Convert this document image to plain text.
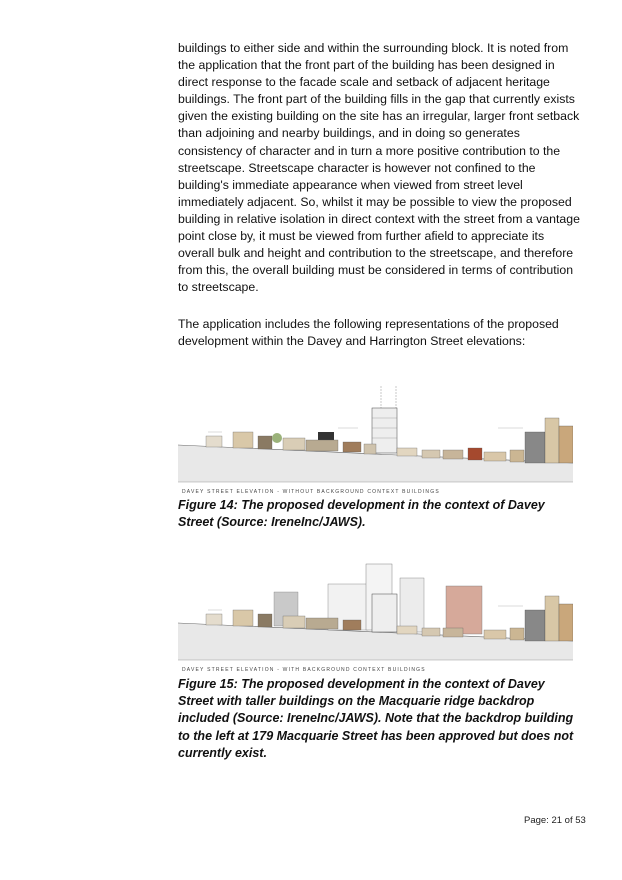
buildings to either side and within the surrounding block. It is noted from the application that the front part of the building has been designed in direct response to the facade scale and setback of adjacent heritage buildings. The front part of the building fills in the gap that currently exists given the existing building on the site has an irregular, larger front setback than adjoining and nearby buildings, and in doing so generates consistency of character and in turn a more positive contribution to the streetscape. Streetscape character is however not confined to the building's immediate appearance when viewed from street level immediately adjacent. So, whilst it may be possible to view the proposed building in relative isolation in direct context with the street from a vantage point close by, it must be viewed from further afield to appreciate its overall bulk and height and contribution to the streetscape, and therefore from this, the overall building must be considered in terms of contribution to streetscape.

The application includes the following representations of the proposed development within the Davey and Harrington Street elevations:

DAVEY STREET ELEVATION - WITHOUT BACKGROUND CONTEXT BUILDINGS

Figure 14: The proposed development in the context of Davey Street (Source: IreneInc/JAWS).

DAVEY STREET ELEVATION - WITH BACKGROUND CONTEXT BUILDINGS

Figure 15: The proposed development in the context of Davey Street with taller buildings on the Macquarie ridge backdrop included (Source: IreneInc/JAWS). Note that the backdrop building to the left at 179 Macquarie Street has been approved but does not currently exist.

Page: 21 of 53
